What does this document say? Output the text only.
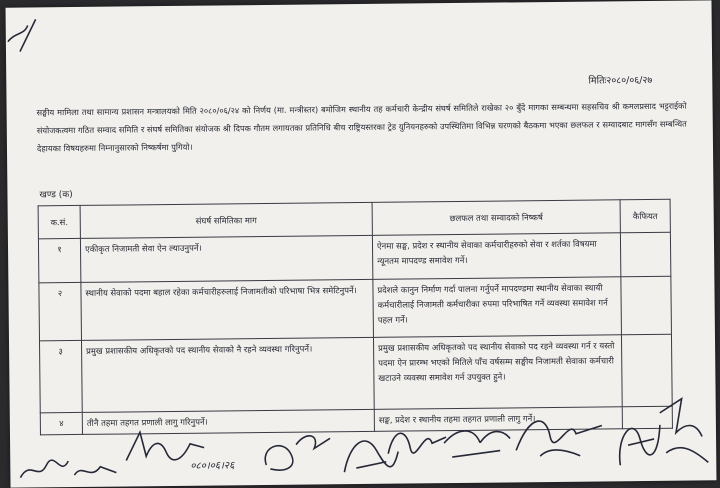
मितिः२०८०/०६/२७
सङ्घीय मामिला तथा सामान्य प्रशासन मन्त्रालयको मिति २०८०/०६/२४ को निर्णय (मा. मन्त्रीस्तर) बमोजिम स्थानीय तह कर्मचारी केन्द्रीय संघर्ष समितिले राखेका २० बुँदे मागका सम्बन्धमा सहसचिव श्री कमलप्रसाद भट्टराईको संयोजकत्वमा गठित सम्वाद समिति र संघर्ष समितिका संयोजक श्री दिपक गौतम लगायतका प्रतिनिधि बीच राष्ट्रियस्तरका ट्रेड युनियनहरुको उपस्थितिमा विभिन्न चरणको बैठकमा भएका छलफल र सम्वादबाट मागसँग सम्बन्धित देहायका विषयहरुमा निम्नानुसारको निष्कर्षमा पुगियो।
खण्ड (क)
क.सं.	संघर्ष समितिका माग	छलफल तथा सम्वादको निष्कर्ष	कैफियत
१	एकीकृत निजामती सेवा ऐन ल्याउनुपर्ने।	ऐनमा सङ्घ, प्रदेश र स्थानीय सेवाका कर्मचारीहरुको सेवा र शर्तका विषयमा न्यूनतम मापदण्ड समावेश गर्ने।	
२	स्थानीय सेवाको पदमा बहाल रहेका कर्मचारीहरुलाई निजामतीको परिभाषा भित्र समेटिनुपर्ने।	प्रदेशले कानुन निर्माण गर्दा पालना गर्नुपर्ने मापदण्डमा स्थानीय सेवाका स्थायी कर्मचारीलाई निजामती कर्मचारीका रुपमा परिभाषित गर्ने व्यवस्था समावेश गर्न पहल गर्ने।	
३	प्रमुख प्रशासकीय अधिकृतको पद स्थानीय सेवाको नै रहने व्यवस्था गरिनुपर्ने।	प्रमुख प्रशासकीय अधिकृतको पद स्थानीय सेवाको पद रहने व्यवस्था गर्न र यस्तो पदमा ऐन प्रारम्भ भएको मितिले पाँच वर्षसम्म सङ्घीय निजामती सेवाका कर्मचारी खटाउने व्यवस्था समावेश गर्न उपयुक्त हुने।	
४	तीनै तहमा तहगत प्रणाली लागु गरिनुपर्ने।	सङ्घ, प्रदेश र स्थानीय तहमा तहगत प्रणाली लागु गर्ने।	
०८०।०६।२६
